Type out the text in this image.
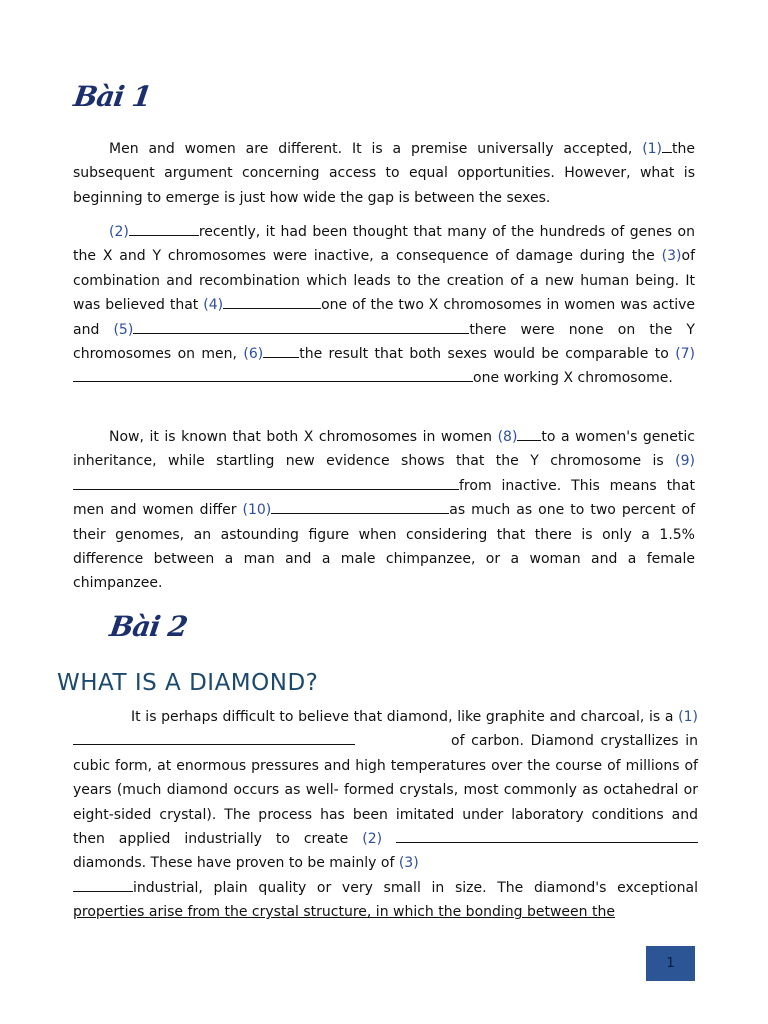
Bài 1

Men and women are different. It is a premise universally accepted, (1) the subsequent argument concerning access to equal opportunities. However, what is beginning to emerge is just how wide the gap is between the sexes.

(2)	recently, it had been thought that many of the hundreds of genes on the X and Y chromosomes were inactive, a consequence of damage during the (3)of combination and recombination which leads to the creation of a new human being. It was believed that (4)	one of the two X chromosomes in women was active and (5)	there were none on the Y chromosomes on men, (6)	the result that both sexes would be comparable to (7)one working X chromosome.

Now, it is known that both X chromosomes in women (8) to a women's genetic inheritance, while startling new evidence shows that the Y chromosome is (9)from inactive. This means that men and women differ (10)	as much as one to two percent of their genomes, an astounding figure when considering that there is only a 1.5% difference between a man and a male chimpanzee, or a woman and a female chimpanzee.

Bài 2
WHAT IS A DIAMOND?

It is perhaps difficult to believe that diamond, like graphite and charcoal, is a (1) of carbon. Diamond crystallizes in cubic form, at enormous pressures and high temperatures over the course of millions of years (much diamond occurs as well- formed crystals, most commonly as octahedral or eight-sided crystal). The process has been imitated under laboratory conditions and then applied industrially to create (2) diamonds. These have proven to be mainly of (3)
industrial, plain quality or very small in size. The diamond's exceptional properties arise from the crystal structure, in which the bonding between the

1
